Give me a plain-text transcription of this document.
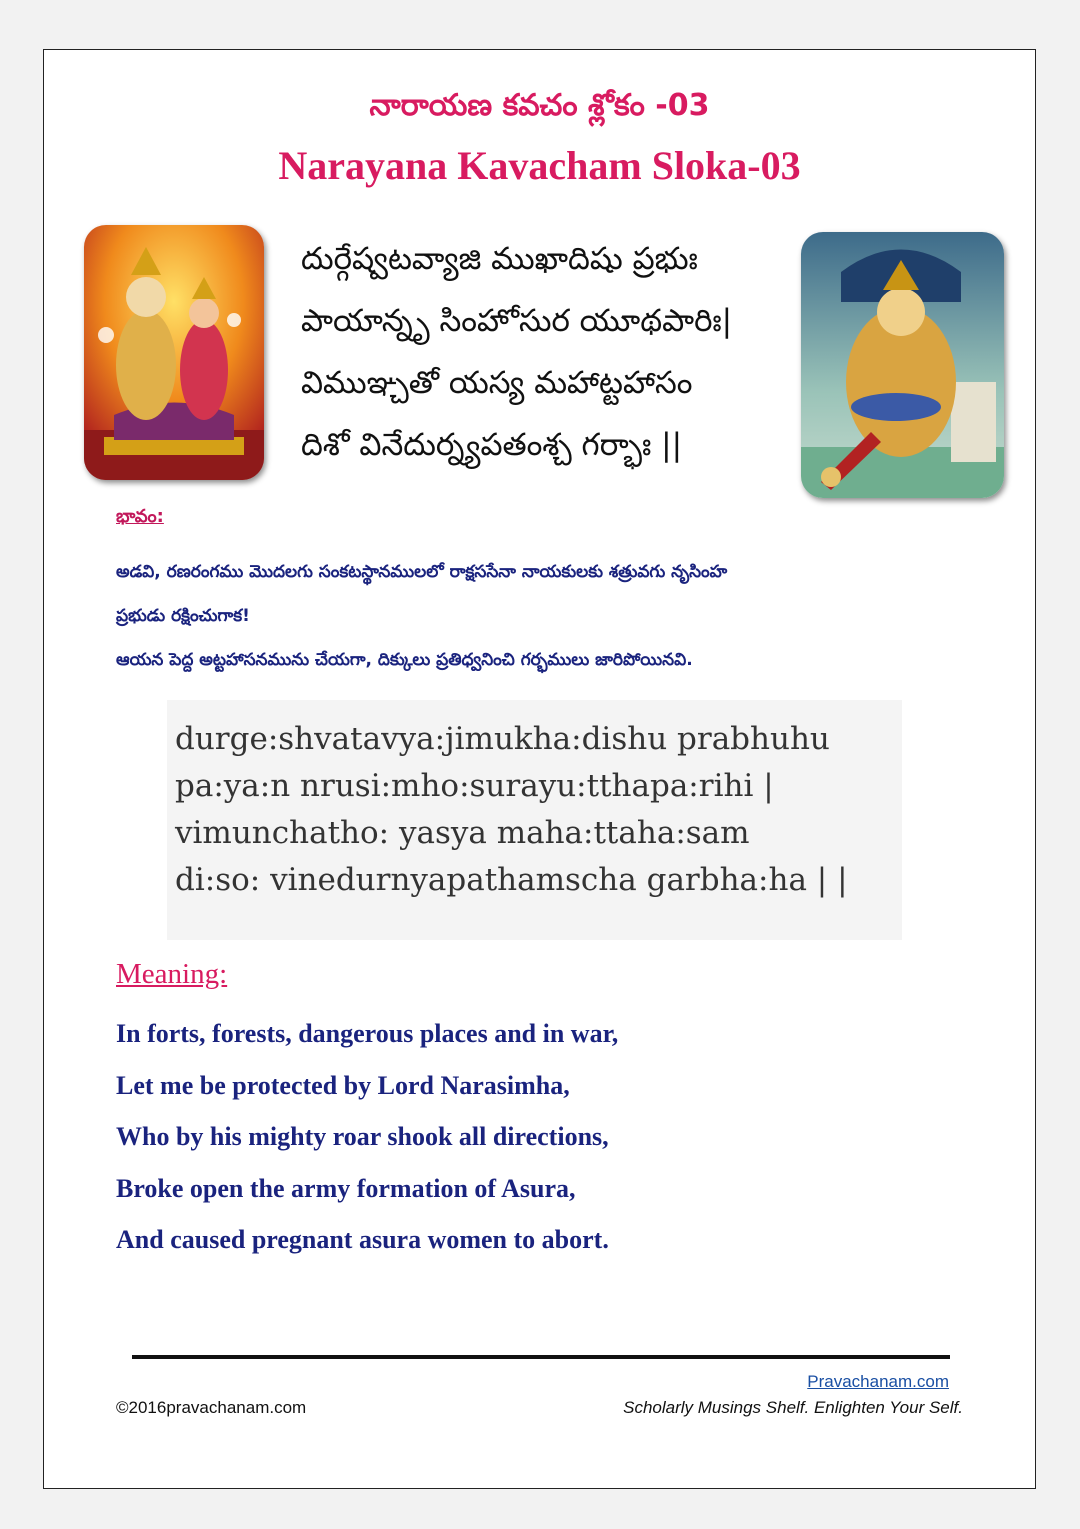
నారాయణ కవచం శ్లోకం -03
Narayana Kavacham Sloka-03
దుర్గేష్వటవ్యాజి ముఖాదిషు ప్రభుః
పాయాన్నృ సింహోసుర యూథపారిః|
విముఞ్చతో యస్య మహాట్టహాసం
దిశో వినేదుర్న్యపతంశ్చ గర్భాః ||
భావం:
అడవి, రణరంగము మొదలగు సంకటస్థానములలో రాక్షససేనా నాయకులకు శత్రువగు నృసింహ
ప్రభుడు రక్షించుగాక!
ఆయన పెద్ద అట్టహాసనమును చేయగా, దిక్కులు ప్రతిధ్వనించి గర్భములు జారిపోయినవి.
durge:shvatavya:jimukha:dishu prabhuhu
pa:ya:n nrusi:mho:surayu:tthapa:rihi |
vimunchatho: yasya maha:ttaha:sam
di:so: vinedurnyapathamscha garbha:ha | |
Meaning:
In forts, forests, dangerous places and in war,
Let me be protected by Lord Narasimha,
Who by his mighty roar shook all directions,
Broke open the army formation of Asura,
And caused pregnant asura women to abort.
Pravachanam.com
©2016pravachanam.com	Scholarly Musings Shelf. Enlighten Your Self.
